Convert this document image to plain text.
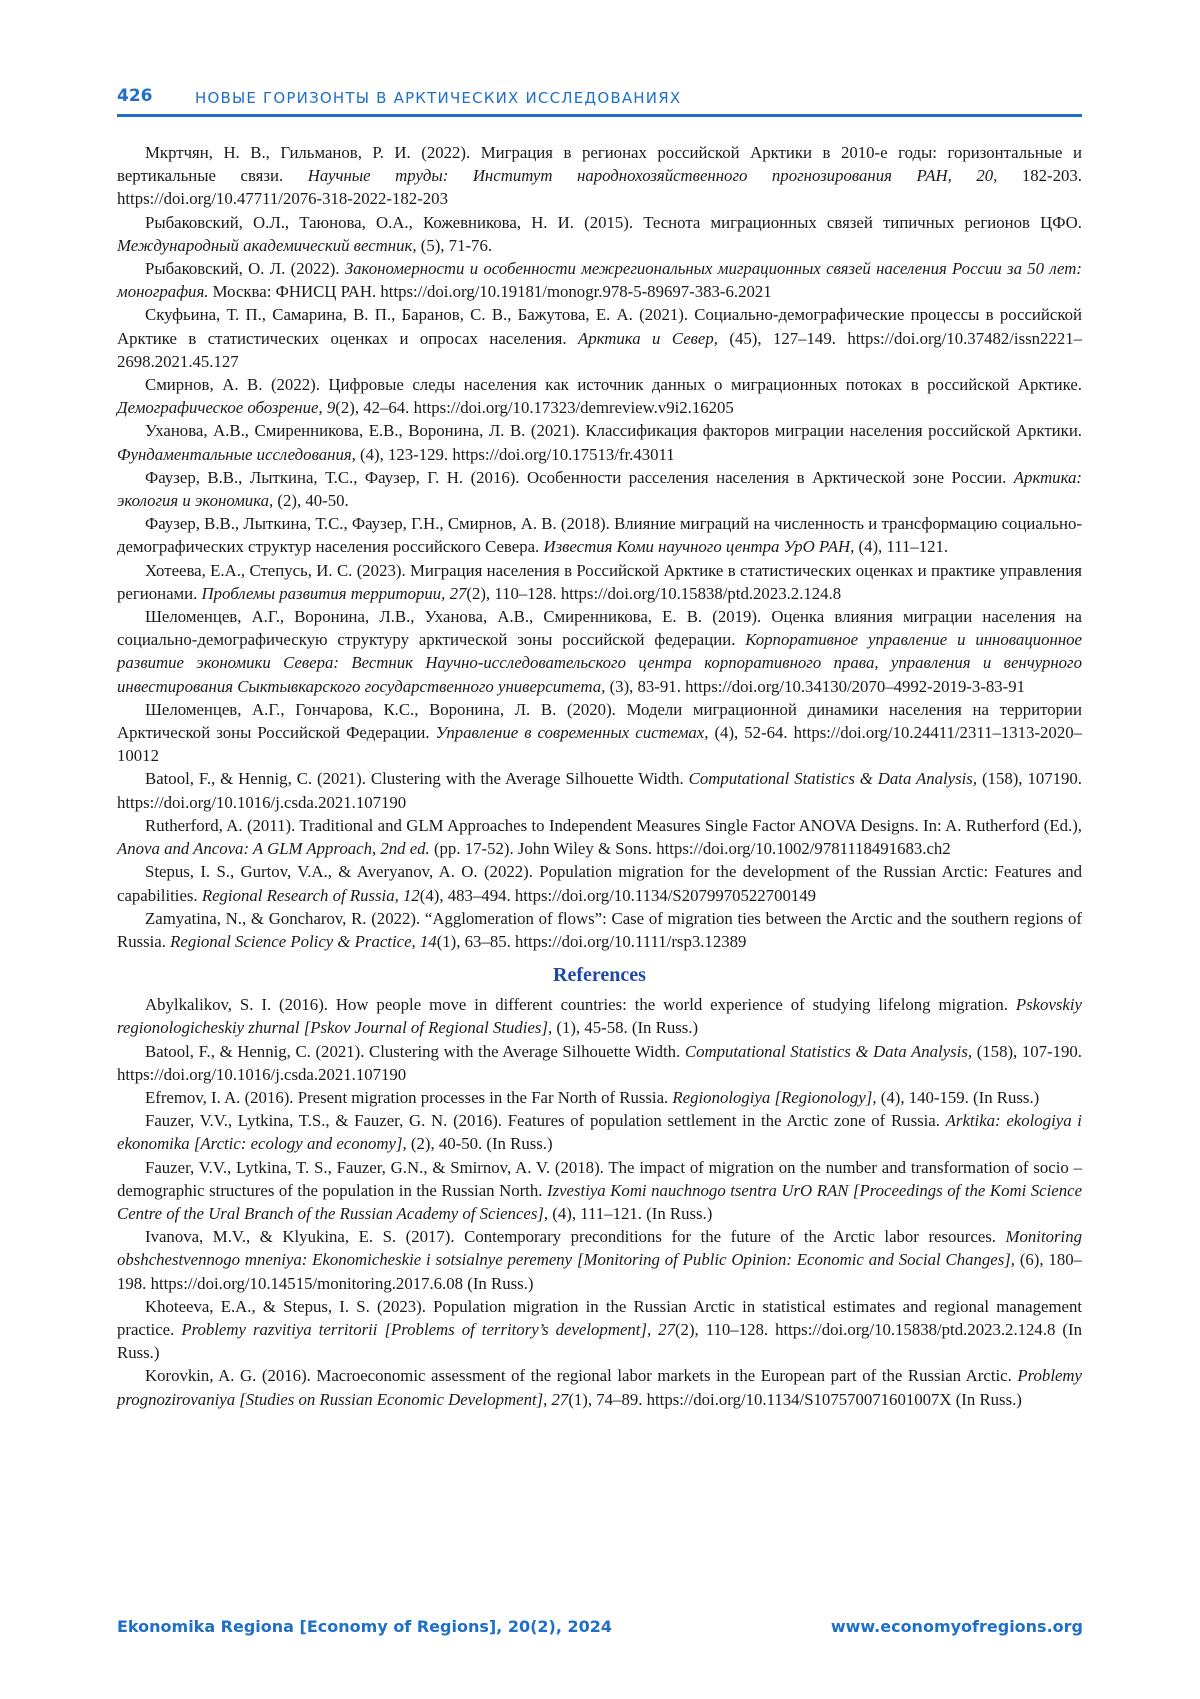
426	НОВЫЕ ГОРИЗОНТЫ В АРКТИЧЕСКИХ ИССЛЕДОВАНИЯХ

Мкртчян, Н. В., Гильманов, Р. И. (2022). Миграция в регионах российской Арктики в 2010-е годы: горизонтальные и вертикальные связи. Научные труды: Институт народнохозяйственного прогнозирования РАН, 20, 182-203. https://doi.org/10.47711/2076-318-2022-182-203

Рыбаковский, О.Л., Таюнова, О.А., Кожевникова, Н. И. (2015). Теснота миграционных связей типичных регионов ЦФО. Международный академический вестник, (5), 71-76.

Рыбаковский, О. Л. (2022). Закономерности и особенности межрегиональных миграционных связей населения России за 50 лет: монография. Москва: ФНИСЦ РАН. https://doi.org/10.19181/monogr.978-5-89697-383-6.2021

Скуфьина, Т. П., Самарина, В. П., Баранов, С. В., Бажутова, Е. А. (2021). Социально-демографические процессы в российской Арктике в статистических оценках и опросах населения. Арктика и Север, (45), 127–149. https://doi.org/10.37482/issn2221–2698.2021.45.127

Смирнов, А. В. (2022). Цифровые следы населения как источник данных о миграционных потоках в российской Арктике. Демографическое обозрение, 9(2), 42–64. https://doi.org/10.17323/demreview.v9i2.16205

Уханова, А.В., Смиренникова, Е.В., Воронина, Л. В. (2021). Классификация факторов миграции населения российской Арктики. Фундаментальные исследования, (4), 123-129. https://doi.org/10.17513/fr.43011

Фаузер, В.В., Лыткина, Т.С., Фаузер, Г. Н. (2016). Особенности расселения населения в Арктической зоне России. Арктика: экология и экономика, (2), 40-50.

Фаузер, В.В., Лыткина, Т.С., Фаузер, Г.Н., Смирнов, А. В. (2018). Влияние миграций на численность и трансформацию социально-демографических структур населения российского Севера. Известия Коми научного центра УрО РАН, (4), 111–121.

Хотеева, Е.А., Степусь, И. С. (2023). Миграция населения в Российской Арктике в статистических оценках и практике управления регионами. Проблемы развития территории, 27(2), 110–128. https://doi.org/10.15838/ptd.2023.2.124.8

Шеломенцев, А.Г., Воронина, Л.В., Уханова, А.В., Смиренникова, Е. В. (2019). Оценка влияния миграции населения на социально-демографическую структуру арктической зоны российской федерации. Корпоративное управление и инновационное развитие экономики Севера: Вестник Научно-исследовательского центра корпоративного права, управления и венчурного инвестирования Сыктывкарского государственного университета, (3), 83-91. https://doi.org/10.34130/2070–4992-2019-3-83-91

Шеломенцев, А.Г., Гончарова, К.С., Воронина, Л. В. (2020). Модели миграционной динамики населения на территории Арктической зоны Российской Федерации. Управление в современных системах, (4), 52-64. https://doi.org/10.24411/2311–1313-2020–10012

Batool, F., & Hennig, C. (2021). Clustering with the Average Silhouette Width. Computational Statistics & Data Analysis, (158), 107190. https://doi.org/10.1016/j.csda.2021.107190

Rutherford, A. (2011). Traditional and GLM Approaches to Independent Measures Single Factor ANOVA Designs. In: A. Rutherford (Ed.), Anova and Ancova: A GLM Approach, 2nd ed. (pp. 17-52). John Wiley & Sons. https://doi.org/10.1002/9781118491683.ch2

Stepus, I. S., Gurtov, V.A., & Averyanov, A. O. (2022). Population migration for the development of the Russian Arctic: Features and capabilities. Regional Research of Russia, 12(4), 483–494. https://doi.org/10.1134/S2079970522700149

Zamyatina, N., & Goncharov, R. (2022). “Agglomeration of flows”: Case of migration ties between the Arctic and the southern regions of Russia. Regional Science Policy & Practice, 14(1), 63–85. https://doi.org/10.1111/rsp3.12389

References

Abylkalikov, S. I. (2016). How people move in different countries: the world experience of studying lifelong migration. Pskovskiy regionologicheskiy zhurnal [Pskov Journal of Regional Studies], (1), 45-58. (In Russ.)

Batool, F., & Hennig, C. (2021). Clustering with the Average Silhouette Width. Computational Statistics & Data Analysis, (158), 107-190. https://doi.org/10.1016/j.csda.2021.107190

Efremov, I. A. (2016). Present migration processes in the Far North of Russia. Regionologiya [Regionology], (4), 140-159. (In Russ.)

Fauzer, V.V., Lytkina, T.S., & Fauzer, G. N. (2016). Features of population settlement in the Arctic zone of Russia. Arktika: ekologiya i ekonomika [Arctic: ecology and economy], (2), 40-50. (In Russ.)

Fauzer, V.V., Lytkina, T. S., Fauzer, G.N., & Smirnov, A. V. (2018). The impact of migration on the number and transformation of socio – demographic structures of the population in the Russian North. Izvestiya Komi nauchnogo tsentra UrO RAN [Proceedings of the Komi Science Centre of the Ural Branch of the Russian Academy of Sciences], (4), 111–121. (In Russ.)

Ivanova, M.V., & Klyukina, E. S. (2017). Contemporary preconditions for the future of the Arctic labor resources. Monitoring obshchestvennogo mneniya: Ekonomicheskie i sotsialnye peremeny [Monitoring of Public Opinion: Economic and Social Changes], (6), 180–198. https://doi.org/10.14515/monitoring.2017.6.08 (In Russ.)

Khoteeva, E.A., & Stepus, I. S. (2023). Population migration in the Russian Arctic in statistical estimates and regional management practice. Problemy razvitiya territorii [Problems of territory’s development], 27(2), 110–128. https://doi.org/10.15838/ptd.2023.2.124.8 (In Russ.)

Korovkin, A. G. (2016). Macroeconomic assessment of the regional labor markets in the European part of the Russian Arctic. Problemy prognozirovaniya [Studies on Russian Economic Development], 27(1), 74–89. https://doi.org/10.1134/S107570071601007X (In Russ.)

Ekonomika Regiona [Economy of Regions], 20(2), 2024	www.economyofregions.org
